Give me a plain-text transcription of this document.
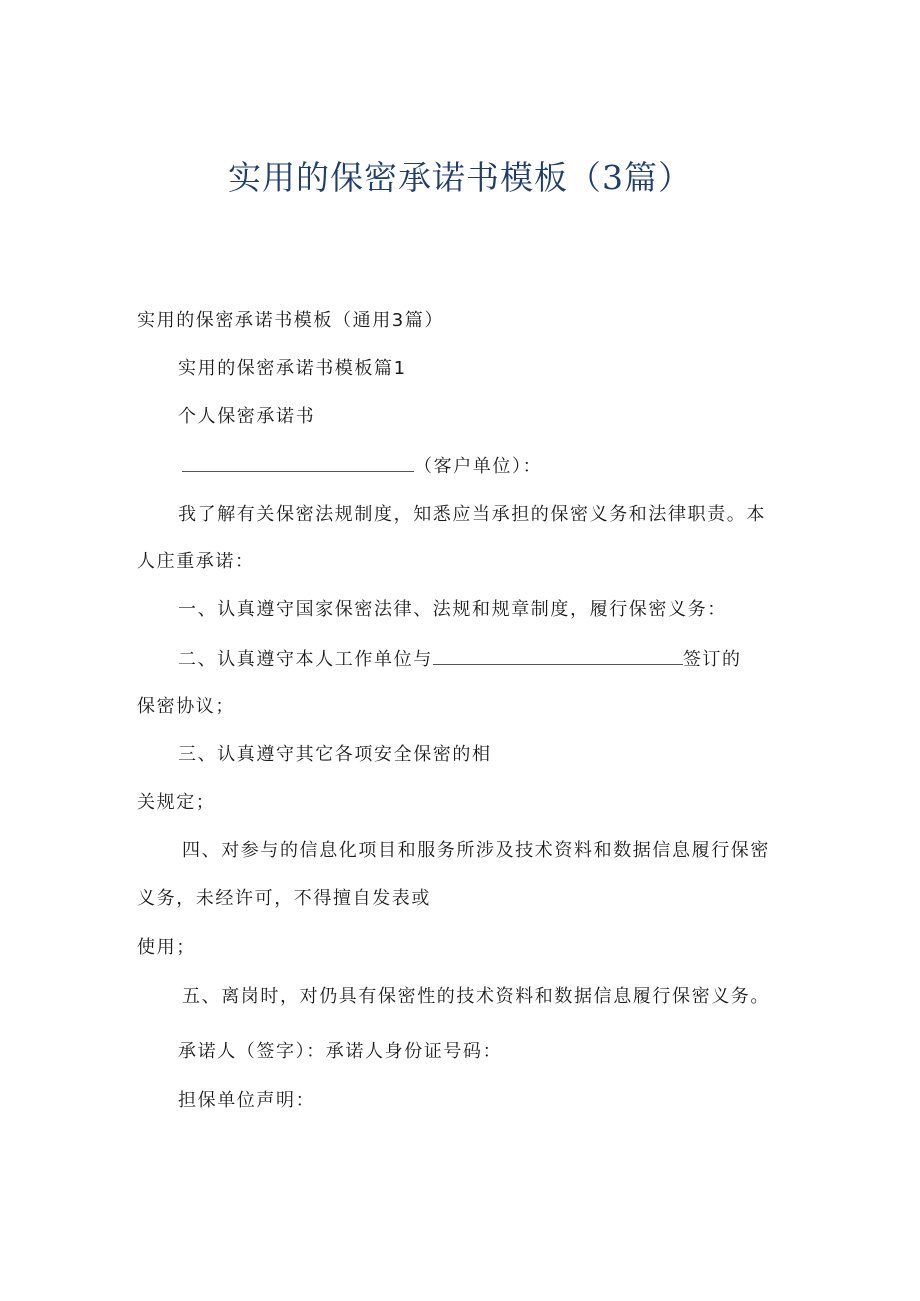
实用的保密承诺书模板（3篇）
实用的保密承诺书模板（通用3篇）
实用的保密承诺书模板篇1
个人保密承诺书
（客户单位）：
我了解有关保密法规制度，知悉应当承担的保密义务和法律职责。本
人庄重承诺：
一、认真遵守国家保密法律、法规和规章制度，履行保密义务：
二、认真遵守本人工作单位与	签订的
保密协议；
三、认真遵守其它各项安全保密的相
关规定；
四、对参与的信息化项目和服务所涉及技术资料和数据信息履行保密
义务，未经许可，不得擅自发表或
使用；
五、离岗时，对仍具有保密性的技术资料和数据信息履行保密义务。
承诺人（签字）：承诺人身份证号码：
担保单位声明：
